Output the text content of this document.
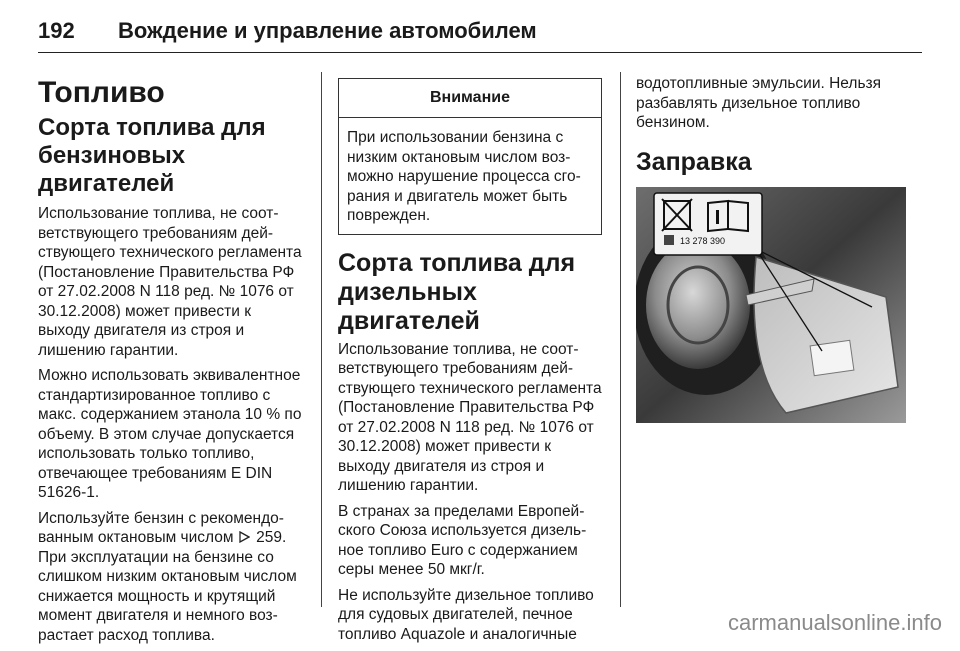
192 Вождение и управление автомобилем
Топливо
Сорта топлива для бензиновых двигателей

Использование топлива, не соответствующего требованиям действующего технического регламента (Постановление Правительства РФ от 27.02.2008 N 118 ред. № 1076 от 30.12.2008) может привести к выходу двигателя из строя и лишению гарантии.

Можно использовать эквивалентное стандартизированное топливо с макс. содержанием этанола 10 % по объему. В этом случае допускается использовать только топливо, отвечающее требованиям E DIN 51626-1.

Используйте бензин с рекомендованным октановым числом  259. При эксплуатации на бензине со слишком низким октановым числом снижается мощность и крутящий момент двигателя и немного возрастает расход топлива.

Внимание
При использовании бензина с низким октановым числом возможно нарушение процесса сгорания и двигатель может быть поврежден.
Сорта топлива для дизельных двигателей

Использование топлива, не соответствующего требованиям действующего технического регламента (Постановление Правительства РФ от 27.02.2008 N 118 ред. № 1076 от 30.12.2008) может привести к выходу двигателя из строя и лишению гарантии.

В странах за пределами Европейского Союза используется дизельное топливо Euro с содержанием серы менее 50 мкг/г.

Не используйте дизельное топливо для судовых двигателей, печное топливо Aquazole и аналогичные

водотопливные эмульсии. Нельзя разбавлять дизельное топливо бензином.

Заправка
13 278 390
carmanualsonline.info
